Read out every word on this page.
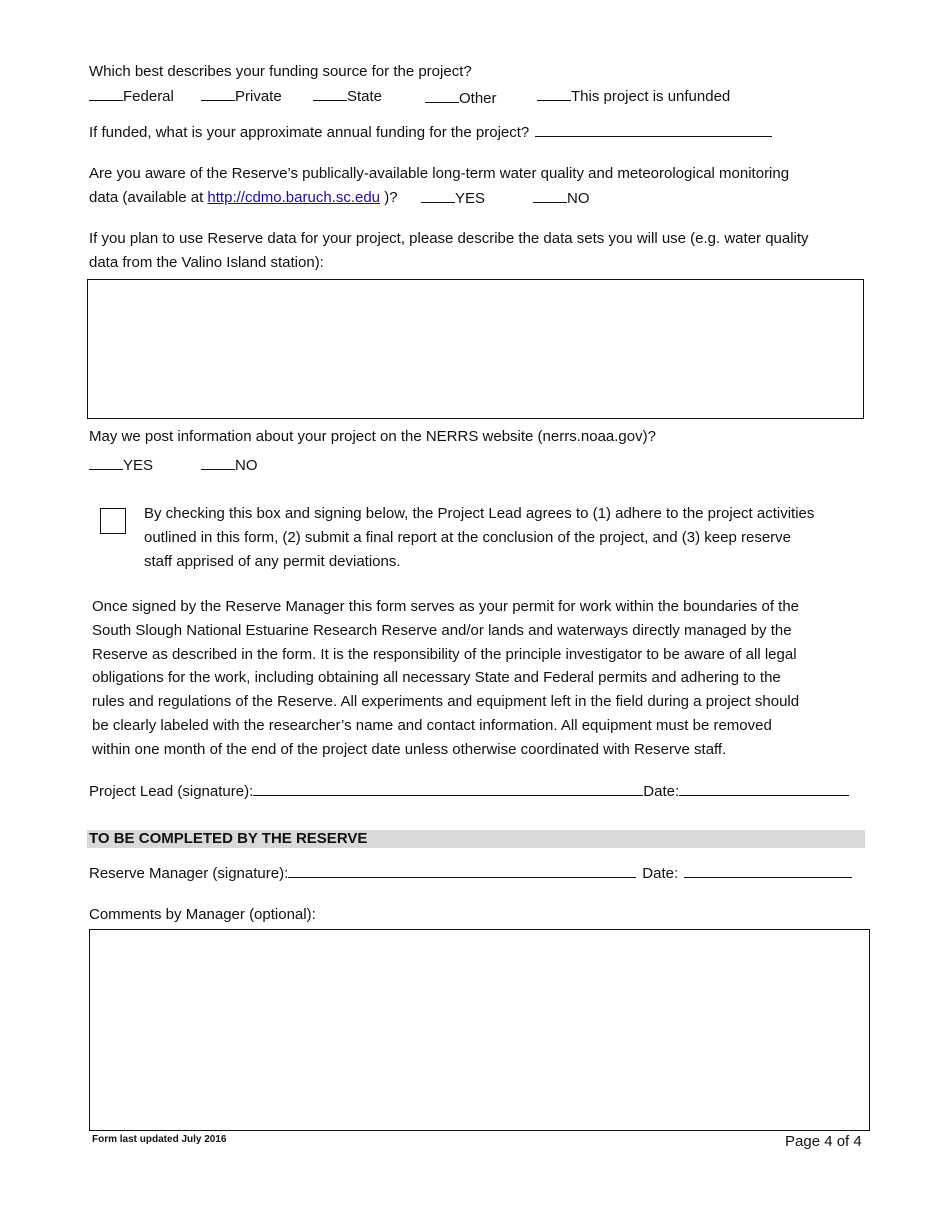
Which best describes your funding source for the project?
Federal	Private	State	Other	This project is unfunded
If funded, what is your approximate annual funding for the project?
Are you aware of the Reserve’s publically-available long-term water quality and meteorological monitoring
data (available at http://cdmo.baruch.sc.edu )?	YES	NO
If you plan to use Reserve data for your project, please describe the data sets you will use (e.g. water quality
data from the Valino Island station):
May we post information about your project on the NERRS website (nerrs.noaa.gov)?
YES	NO
By checking this box and signing below, the Project Lead agrees to (1) adhere to the project activities
outlined in this form, (2) submit a final report at the conclusion of the project, and (3) keep reserve
staff apprised of any permit deviations.
Once signed by the Reserve Manager this form serves as your permit for work within the boundaries of the
South Slough National Estuarine Research Reserve and/or lands and waterways directly managed by the
Reserve as described in the form. It is the responsibility of the principle investigator to be aware of all legal
obligations for the work, including obtaining all necessary State and Federal permits and adhering to the
rules and regulations of the Reserve. All experiments and equipment left in the field during a project should
be clearly labeled with the researcher’s name and contact information. All equipment must be removed
within one month of the end of the project date unless otherwise coordinated with Reserve staff.
Project Lead (signature):	Date:
TO BE COMPLETED BY THE RESERVE
Reserve Manager (signature):	Date:
Comments by Manager (optional):
Form last updated July 2016	Page 4 of 4
